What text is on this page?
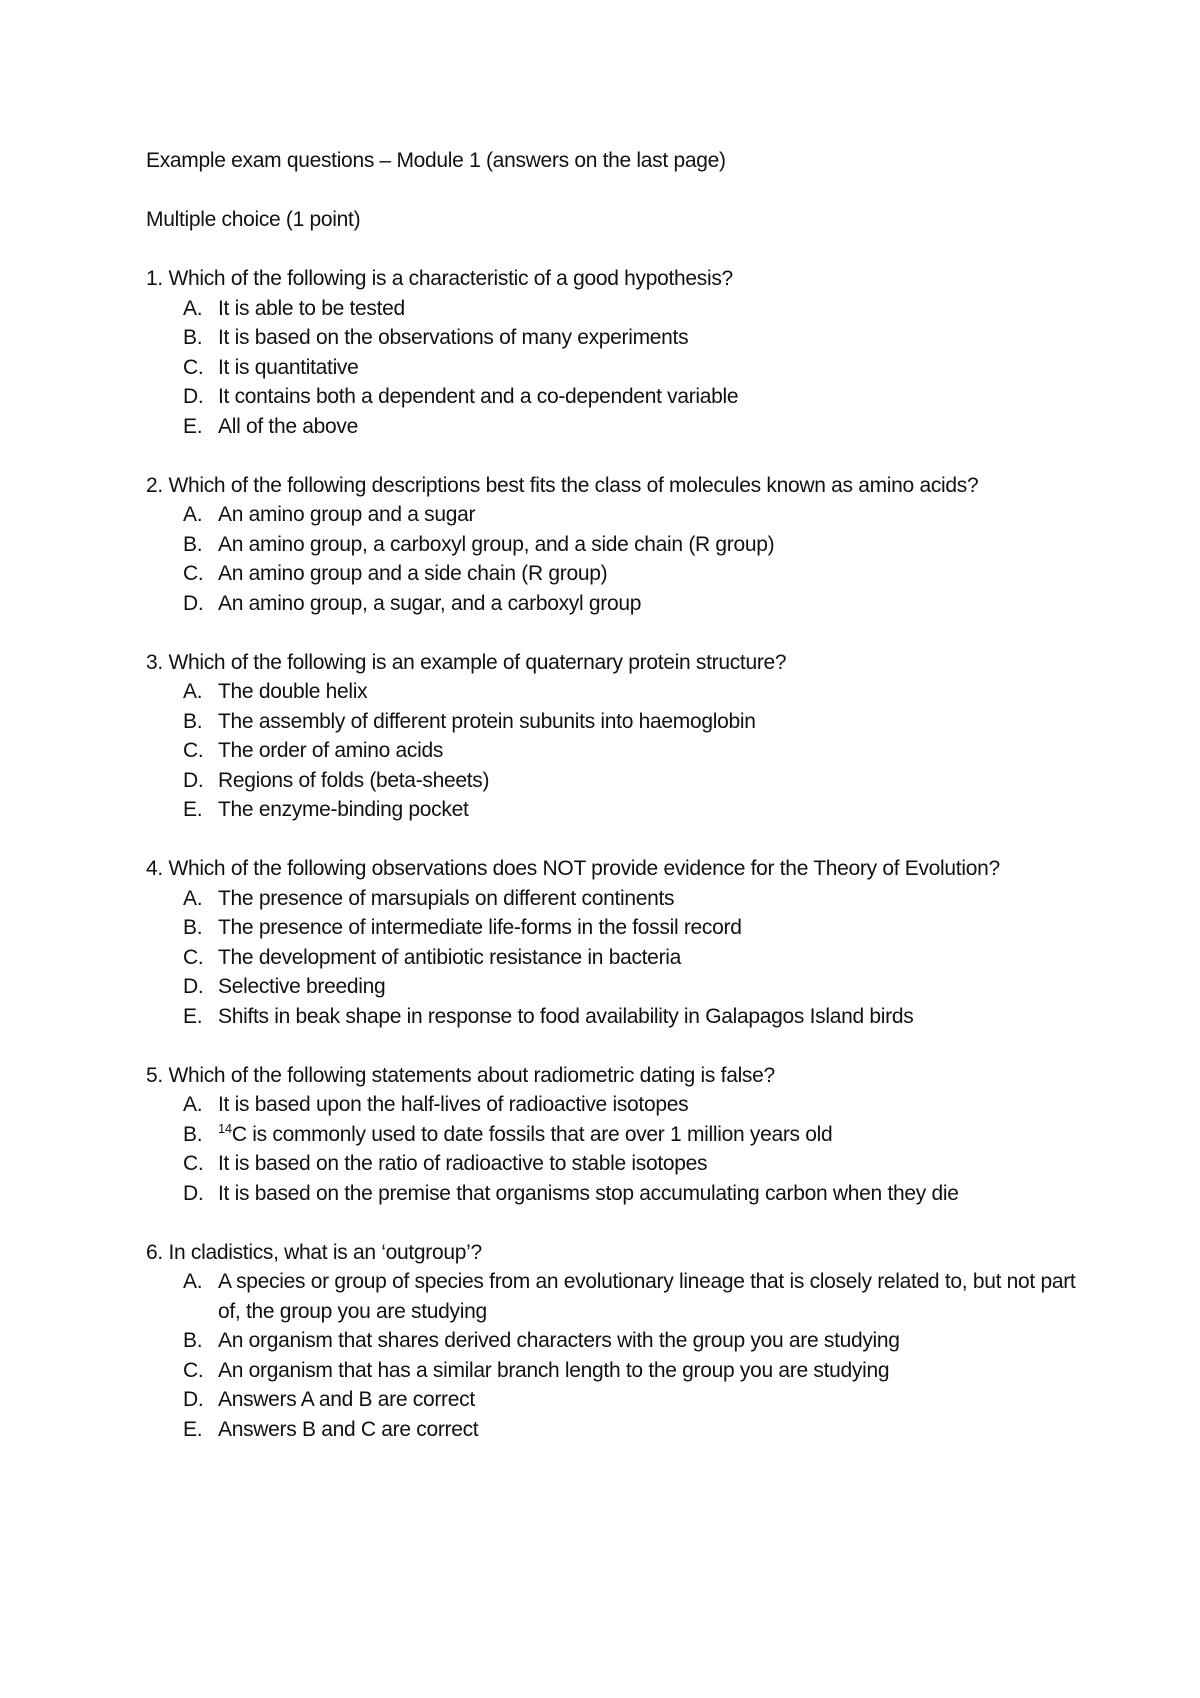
Example exam questions – Module 1 (answers on the last page)

Multiple choice (1 point)

1. Which of the following is a characteristic of a good hypothesis?

A. It is able to be tested
B. It is based on the observations of many experiments
C. It is quantitative
D. It contains both a dependent and a co-dependent variable
E. All of the above

2. Which of the following descriptions best fits the class of molecules known as amino acids?

A. An amino group and a sugar
B. An amino group, a carboxyl group, and a side chain (R group)
C. An amino group and a side chain (R group)
D. An amino group, a sugar, and a carboxyl group

3. Which of the following is an example of quaternary protein structure?

A. The double helix
B. The assembly of different protein subunits into haemoglobin
C. The order of amino acids
D. Regions of folds (beta-sheets)
E. The enzyme-binding pocket

4. Which of the following observations does NOT provide evidence for the Theory of Evolution?

A. The presence of marsupials on different continents
B. The presence of intermediate life-forms in the fossil record
C. The development of antibiotic resistance in bacteria
D. Selective breeding
E. Shifts in beak shape in response to food availability in Galapagos Island birds

5. Which of the following statements about radiometric dating is false?

A. It is based upon the half-lives of radioactive isotopes
B. $^{14}$C is commonly used to date fossils that are over 1 million years old
C. It is based on the ratio of radioactive to stable isotopes
D. It is based on the premise that organisms stop accumulating carbon when they die

6. In cladistics, what is an ‘outgroup’?

A. A species or group of species from an evolutionary lineage that is closely related to, but not part of, the group you are studying
B. An organism that shares derived characters with the group you are studying
C. An organism that has a similar branch length to the group you are studying
D. Answers A and B are correct
E. Answers B and C are correct
